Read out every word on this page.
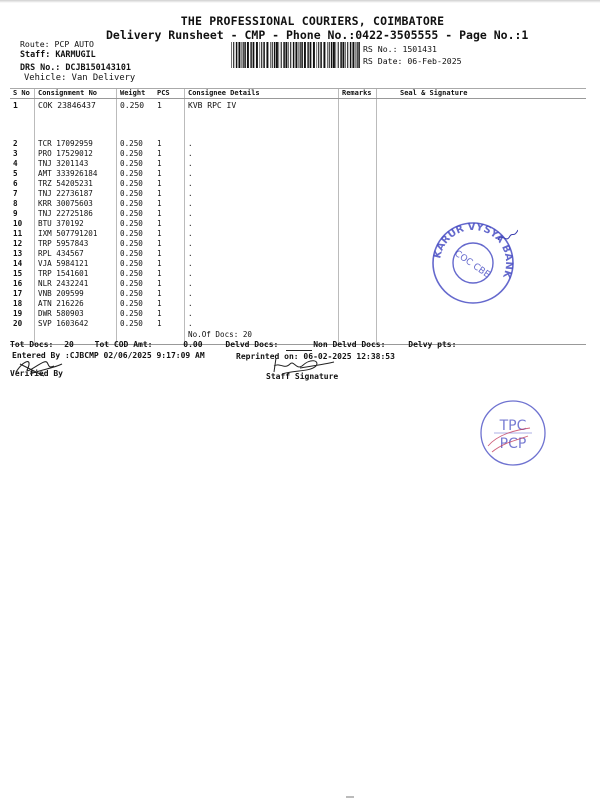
THE PROFESSIONAL COURIERS, COIMBATORE
Delivery Runsheet - CMP - Phone No.:0422-3505555 - Page No.:1
Route: PCP AUTO
Staff: KARMUGIL
DRS No.: DCJB150143101
Vehicle: Van Delivery
RS No.: 1501431
RS Date: 06-Feb-2025
S No	Consignment No	Weight	PCS	Consignee Details	Remarks	Seal & Signature
1	COK 23846437	0.250	1	KVB RPC IV		
2	TCR 17092959	0.250	1	.		
3	PRO 17529012	0.250	1	.		
4	TNJ 3201143	0.250	1	.		
5	AMT 333926184	0.250	1	.		
6	TRZ 54205231	0.250	1	.		
7	TNJ 22736187	0.250	1	.		
8	KRR 30075603	0.250	1	.		
9	TNJ 22725186	0.250	1	.		
10	BTU 370192	0.250	1	.		
11	IXM 507791201	0.250	1	.		
12	TRP 5957843	0.250	1	.		
13	RPL 434567	0.250	1	.		
14	VJA 5984121	0.250	1	.		
15	TRP 1541601	0.250	1	.		
16	NLR 2432241	0.250	1	.		
17	VNB 209599	0.250	1	.		
18	ATN 216226	0.250	1	.		
19	DWR 580903	0.250	1	.		
20	SVP 1603642	0.250	1	.
No.Of Docs: 20		

Tot Docs: 20	Tot COD Amt:	0.00	Delvd Docs:	Non Delvd Docs:	Delvy pts:
Entered By :CJBCMP 02/06/2025 9:17:09 AM	Reprinted on: 06-02-2025 12:38:53
Verified By	Staff Signature
KARUR VYSYA BANK
COC CBE
TPC
PCP
